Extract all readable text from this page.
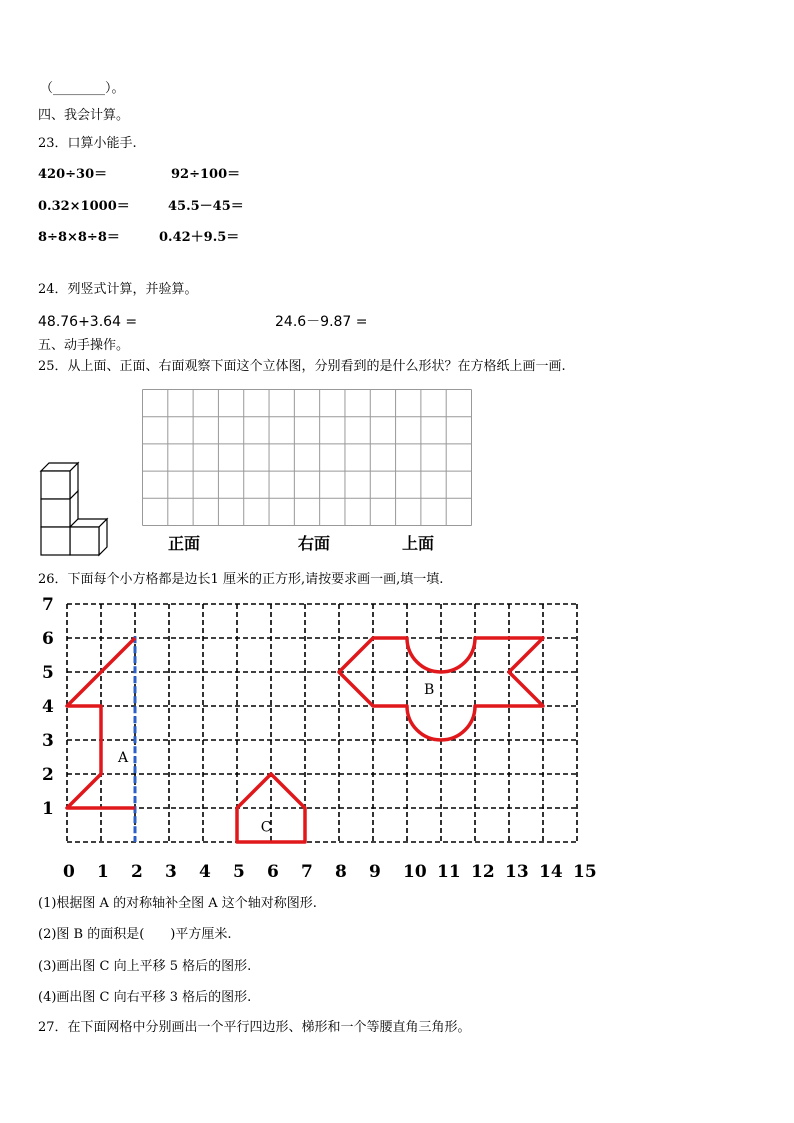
（________）。
四、我会计算。
23．口算小能手.
420÷30＝	92÷100＝
0.32×1000＝	45.5－45＝
8÷8×8÷8＝	0.42＋9.5＝
24．列竖式计算，并验算。
48.76+3.64 =	24.6－9.87 =
五、动手操作。
25．从上面、正面、右面观察下面这个立体图，分别看到的是什么形状？在方格纸上画一画.
正面	右面	上面
26．下面每个小方格都是边长1 厘米的正方形,请按要求画一画,填一填.
A
B
C
0 1 2 3 4 5 6 7 8 9 10 11 12 13 14 15
1
2
3
4
5
6
7
(1)根据图 A 的对称轴补全图 A 这个轴对称图形.
(2)图 B 的面积是(　　)平方厘米.
(3)画出图 C 向上平移 5 格后的图形.
(4)画出图 C 向右平移 3 格后的图形.
27．在下面网格中分别画出一个平行四边形、梯形和一个等腰直角三角形。
